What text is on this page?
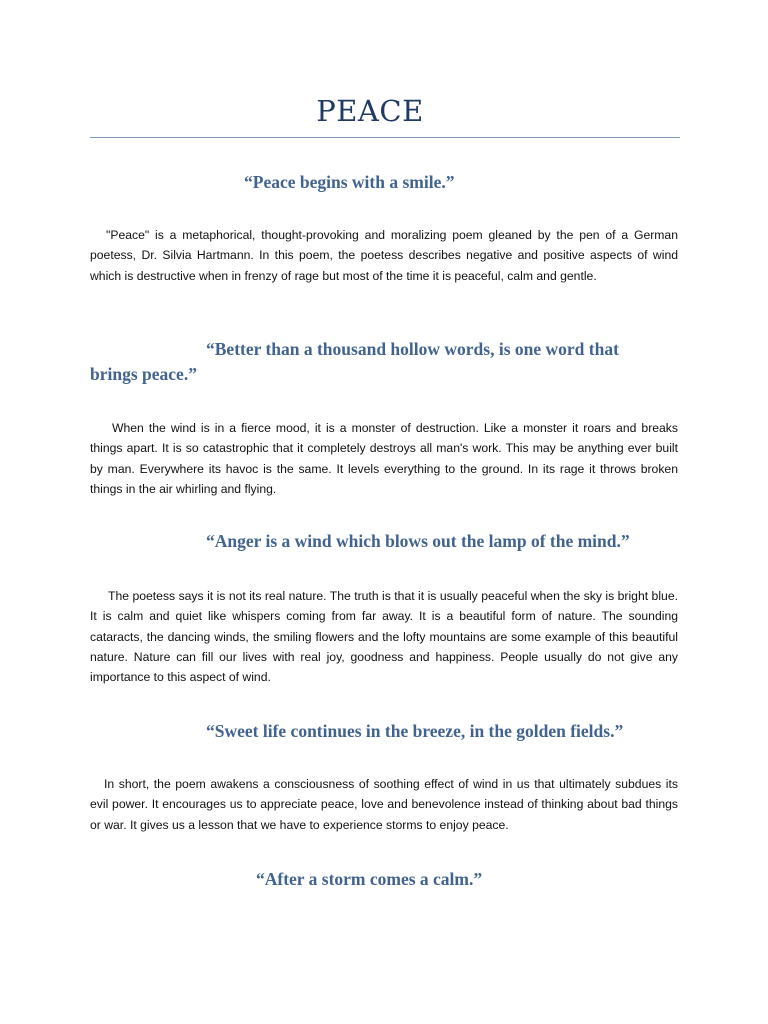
PEACE
“Peace begins with a smile.”
"Peace" is a metaphorical, thought-provoking and moralizing poem gleaned by the pen of a German poetess, Dr. Silvia Hartmann. In this poem, the poetess describes negative and positive aspects of wind which is destructive when in frenzy of rage but most of the time it is peaceful, calm and gentle.
“Better than a thousand hollow words, is one word that brings peace.”
When the wind is in a fierce mood, it is a monster of destruction. Like a monster it roars and breaks things apart. It is so catastrophic that it completely destroys all man's work. This may be anything ever built by man. Everywhere its havoc is the same. It levels everything to the ground. In its rage it throws broken things in the air whirling and flying.
“Anger is a wind which blows out the lamp of the mind.”
The poetess says it is not its real nature. The truth is that it is usually peaceful when the sky is bright blue. It is calm and quiet like whispers coming from far away. It is a beautiful form of nature. The sounding cataracts, the dancing winds, the smiling flowers and the lofty mountains are some example of this beautiful nature. Nature can fill our lives with real joy, goodness and happiness. People usually do not give any importance to this aspect of wind.
“Sweet life continues in the breeze, in the golden fields.”
In short, the poem awakens a consciousness of soothing effect of wind in us that ultimately subdues its evil power. It encourages us to appreciate peace, love and benevolence instead of thinking about bad things or war. It gives us a lesson that we have to experience storms to enjoy peace.
“After a storm comes a calm.”
